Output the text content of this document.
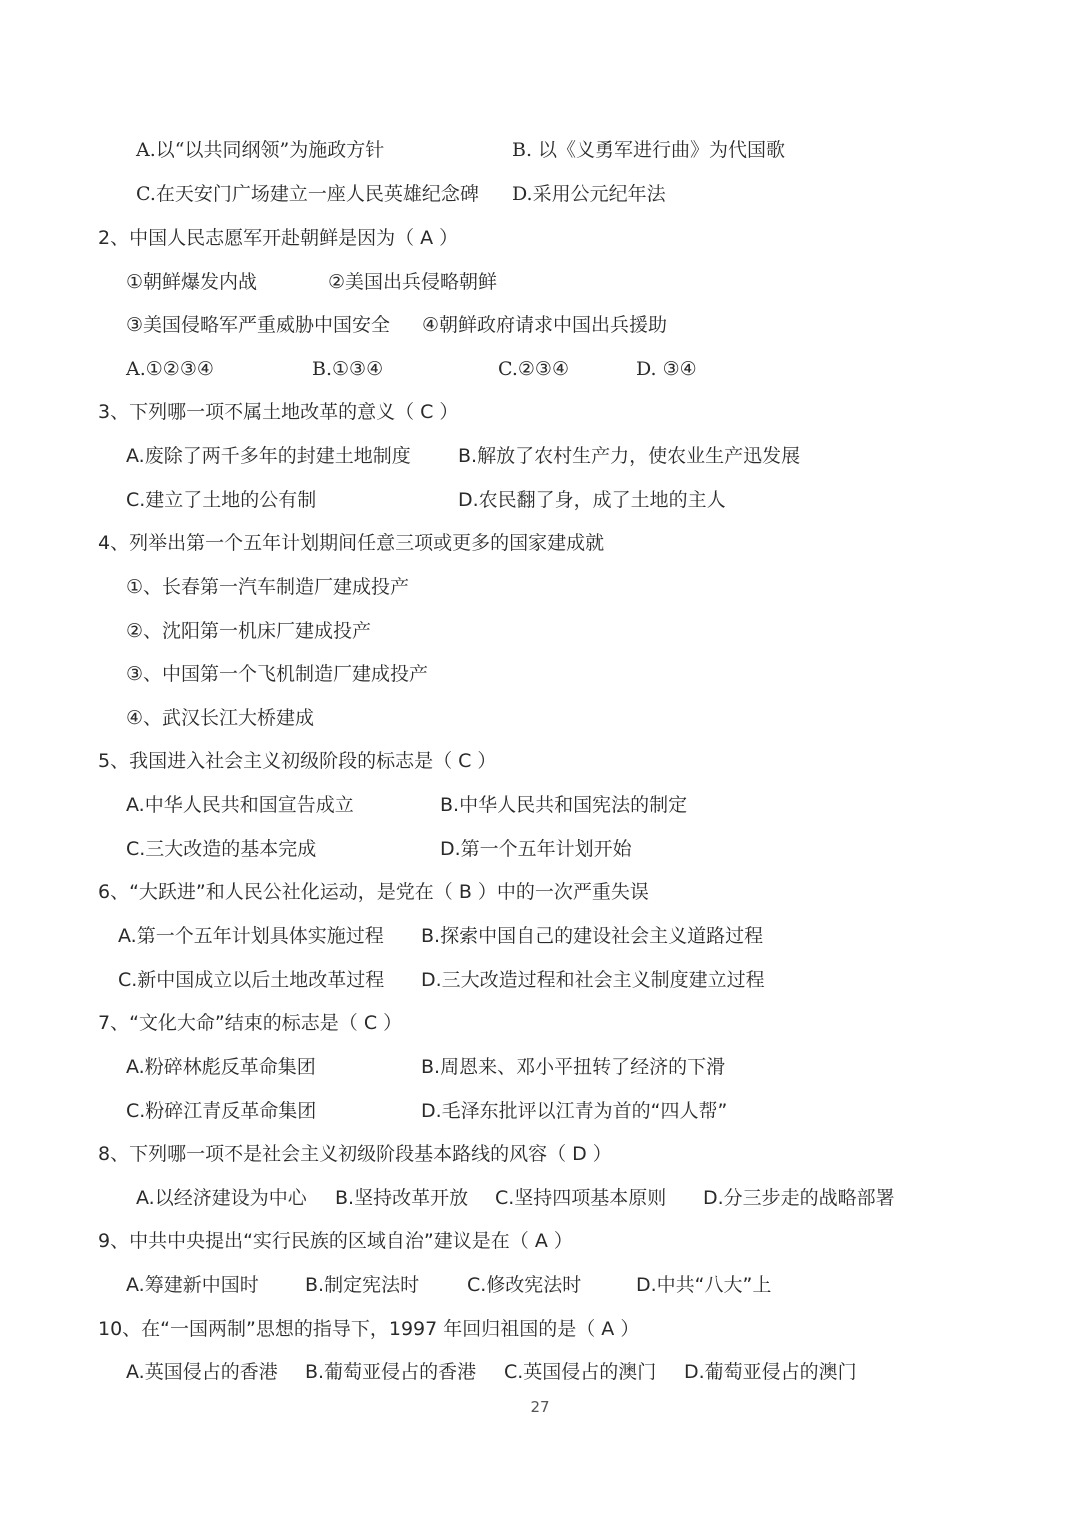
A.以“以共同纲领”为施政方针	B. 以《义勇军进行曲》为代国歌
C.在天安门广场建立一座人民英雄纪念碑 D.采用公元纪年法
2、中国人民志愿军开赴朝鲜是因为（ A ）
①朝鲜爆发内战	②美国出兵侵略朝鲜
③美国侵略军严重威胁中国安全 ④朝鲜政府请求中国出兵援助
A.①②③④	B.①③④	C.②③④	D. ③④
3、下列哪一项不属土地改革的意义（ C ）
A.废除了两千多年的封建土地制度 B.解放了农村生产力，使农业生产迅发展
C.建立了土地的公有制	D.农民翻了身，成了土地的主人
4、列举出第一个五年计划期间任意三项或更多的国家建成就
①、长春第一汽车制造厂建成投产
②、沈阳第一机床厂建成投产
③、中国第一个飞机制造厂建成投产
④、武汉长江大桥建成
5、我国进入社会主义初级阶段的标志是（ C ）
A.中华人民共和国宣告成立	B.中华人民共和国宪法的制定
C.三大改造的基本完成	D.第一个五年计划开始
6、“大跃进”和人民公社化运动，是党在（ B ）中的一次严重失误
A.第一个五年计划具体实施过程 B.探索中国自己的建设社会主义道路过程
C.新中国成立以后土地改革过程 D.三大改造过程和社会主义制度建立过程
7、“文化大命”结束的标志是（ C ）
A.粉碎林彪反革命集团	B.周恩来、邓小平扭转了经济的下滑
C.粉碎江青反革命集团	D.毛泽东批评以江青为首的“四人帮”
8、下列哪一项不是社会主义初级阶段基本路线的风容（ D ）
A.以经济建设为中心 B.坚持改革开放 C.坚持四项基本原则 D.分三步走的战略部署
9、中共中央提出“实行民族的区域自治”建议是在（ A ）
A.筹建新中国时 B.制定宪法时	C.修改宪法时	D.中共“八大”上
10、在“一国两制”思想的指导下，1997 年回归祖国的是（ A ）
A.英国侵占的香港 B.葡萄亚侵占的香港 C.英国侵占的澳门 D.葡萄亚侵占的澳门
27
